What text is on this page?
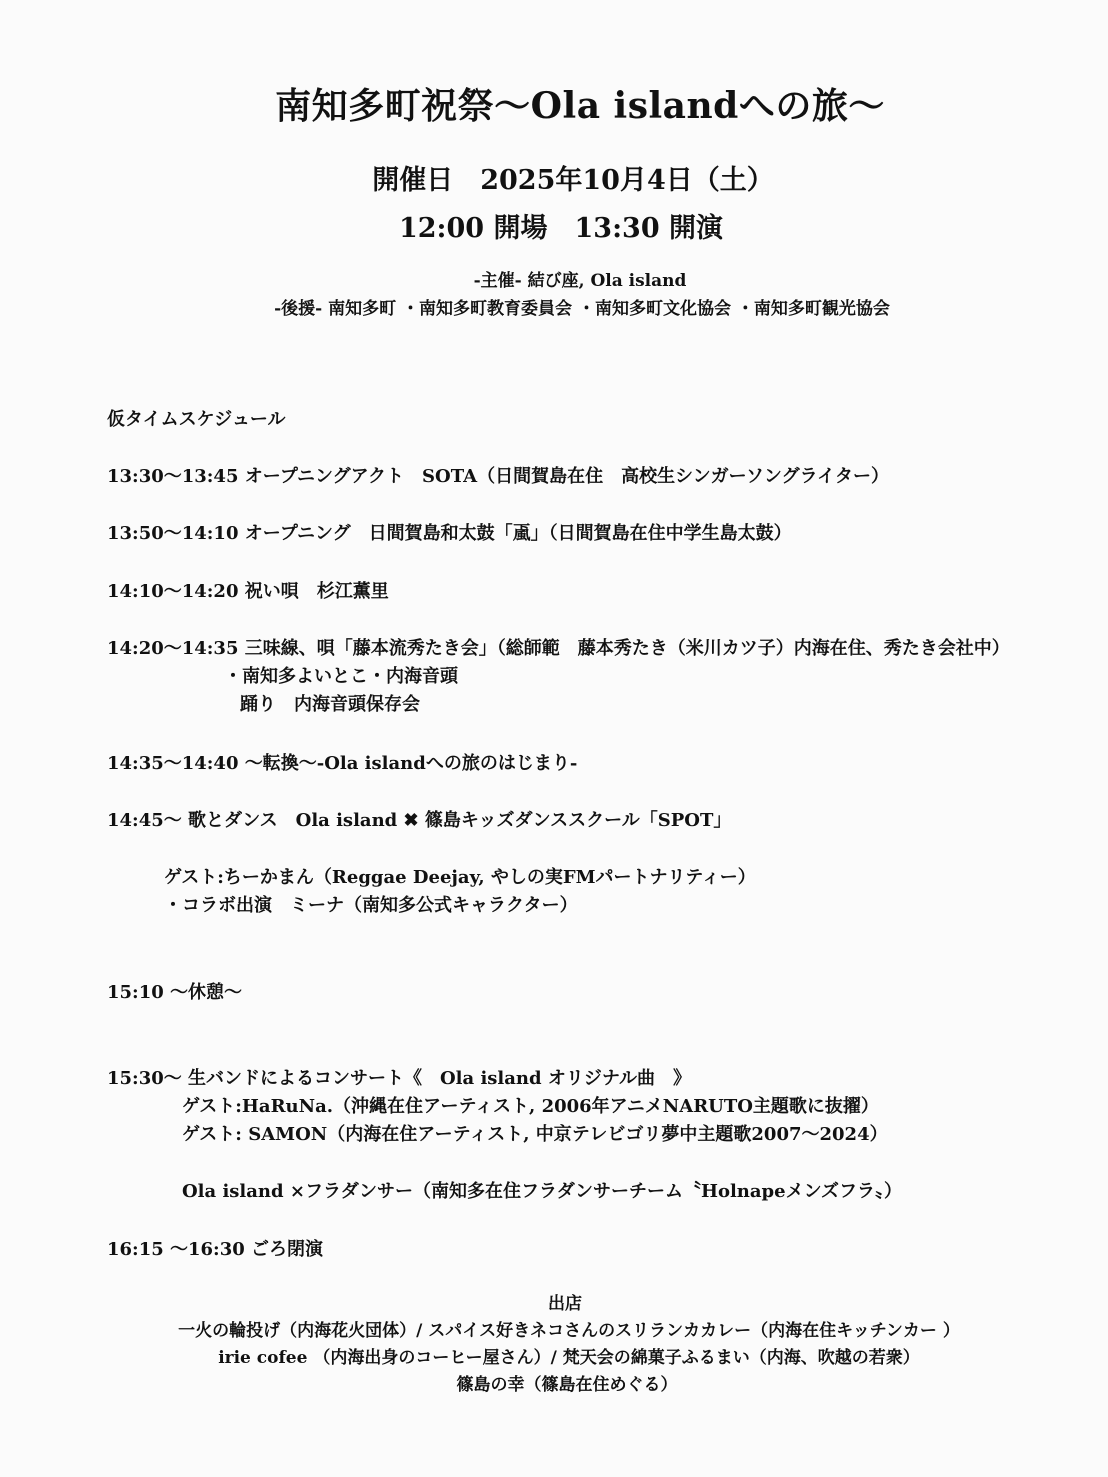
南知多町祝祭〜Ola islandへの旅〜
開催日　2025年10月4日（土）
12:00 開場　13:30 開演
-主催- 結び座, Ola island
-後援- 南知多町 ・南知多町教育委員会 ・南知多町文化協会 ・南知多町観光協会
仮タイムスケジュール
13:30〜13:45 オープニングアクト　SOTA（日間賀島在住　高校生シンガーソングライター）
13:50〜14:10 オープニング　日間賀島和太鼓「颪」（日間賀島在住中学生島太鼓）
14:10〜14:20 祝い唄　杉江薫里
14:20〜14:35 三味線、唄「藤本流秀たき会」（総師範　藤本秀たき（米川カツ子）内海在住、秀たき会社中）
・南知多よいとこ・内海音頭
踊り　内海音頭保存会
14:35〜14:40 〜転換〜-Ola islandへの旅のはじまり-
14:45〜 歌とダンス　Ola island ✖ 篠島キッズダンススクール「SPOT」
ゲスト:ちーかまん（Reggae Deejay, やしの実FMパートナリティー）
・コラボ出演　ミーナ（南知多公式キャラクター）
15:10 〜休憩〜
15:30〜 生バンドによるコンサート《　Ola island オリジナル曲　》
ゲスト:HaRuNa.（沖縄在住アーティスト, 2006年アニメNARUTO主題歌に抜擢）
ゲスト: SAMON（内海在住アーティスト, 中京テレビゴリ夢中主題歌2007〜2024）
Ola island ×フラダンサー（南知多在住フラダンサーチーム〝Holnapeメンズフラ〟）
16:15 〜16:30 ごろ閉演
出店
一火の輪投げ（内海花火団体）/ スパイス好きネコさんのスリランカカレー（内海在住キッチンカー ）
irie cofee （内海出身のコーヒー屋さん）/ 梵天会の綿菓子ふるまい（内海、吹越の若衆）
篠島の幸（篠島在住めぐる）
